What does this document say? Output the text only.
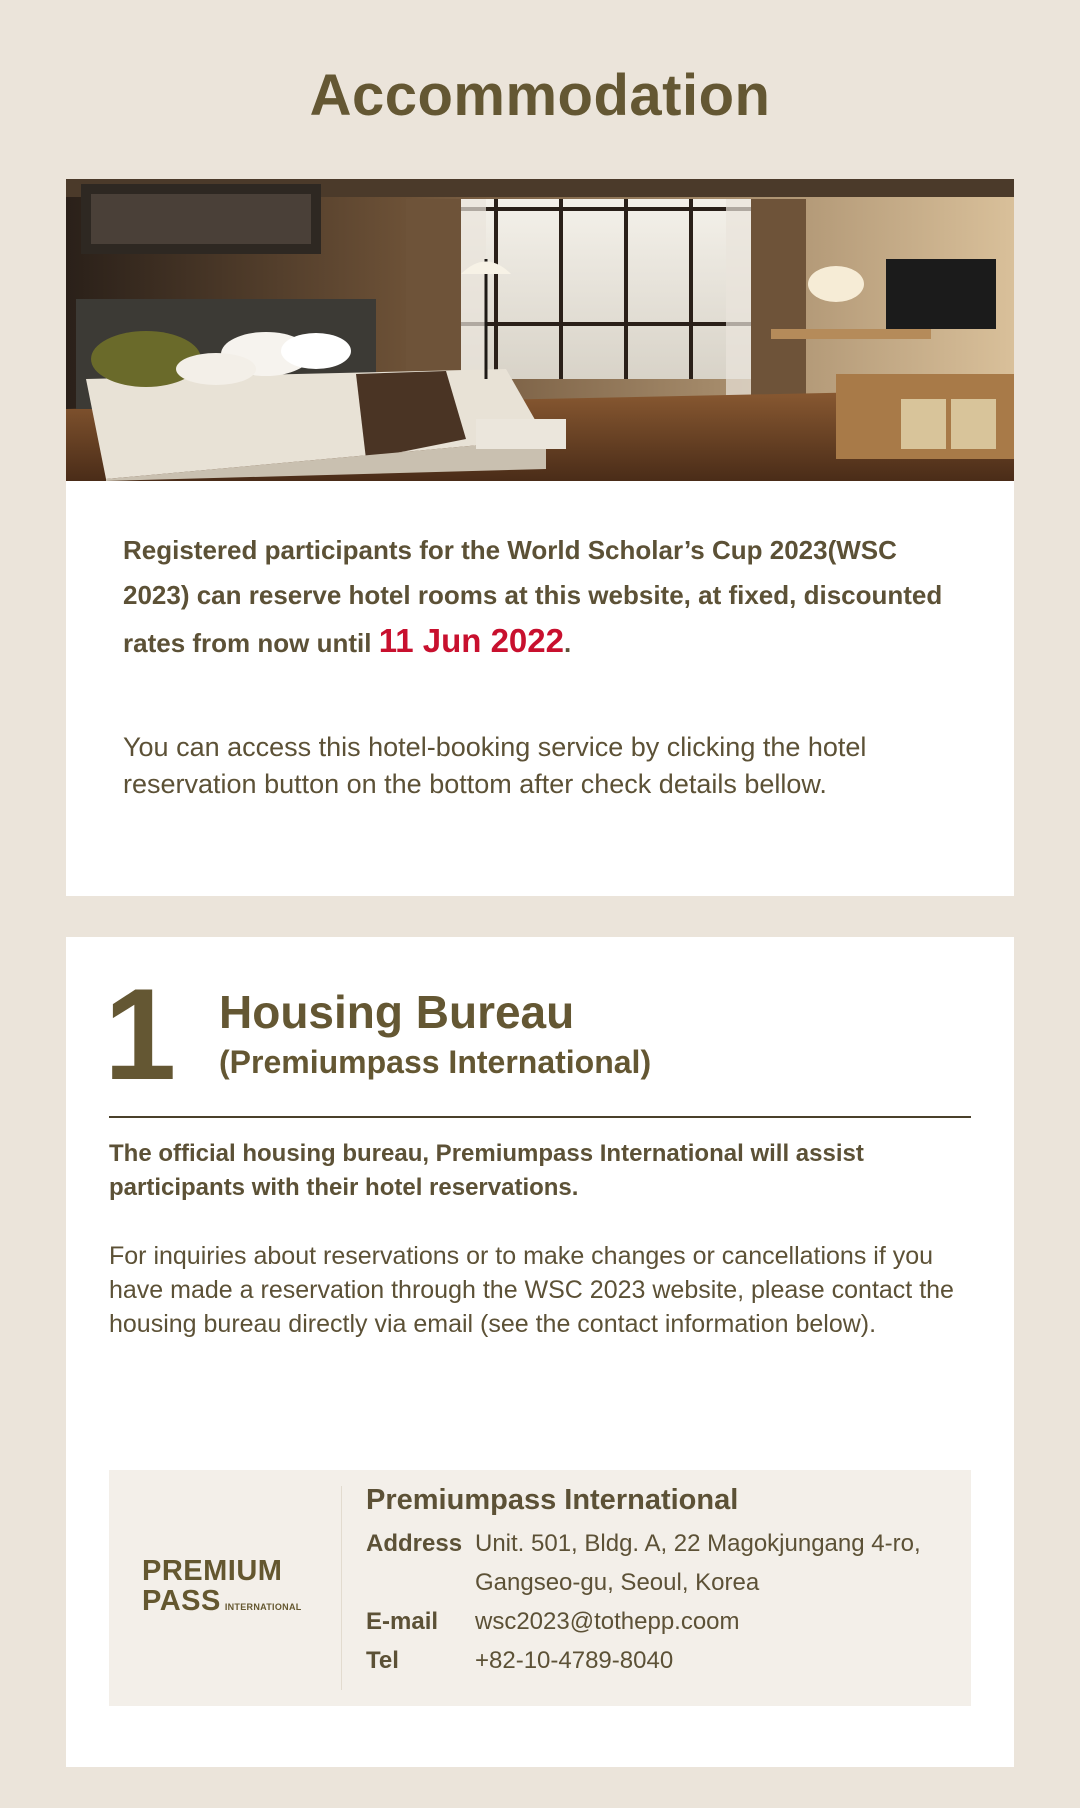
Accommodation
Registered participants for the World Scholar’s Cup 2023(WSC 2023) can reserve hotel rooms at this website, at fixed, discounted rates from now until 11 Jun 2022.
You can access this hotel-booking service by clicking the hotel reservation button on the bottom after check details bellow.
1 Housing Bureau
(Premiumpass International)
The official housing bureau, Premiumpass International will assist participants with their hotel reservations.
For inquiries about reservations or to make changes or cancellations if you have made a reservation through the WSC 2023 website, please contact the housing bureau directly via email (see the contact information below).
PREMIUM
PASS INTERNATIONAL
Premiumpass International
Address Unit. 501, Bldg. A, 22 Magokjungang 4-ro, Gangseo-gu, Seoul, Korea
E-mail wsc2023@tothepp.coom
Tel	+82-10-4789-8040
